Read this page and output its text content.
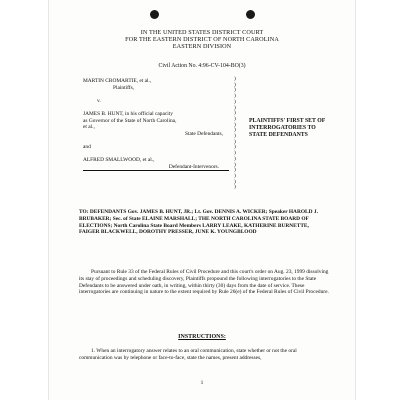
IN THE UNITED STATES DISTRICT COURT
FOR THE EASTERN DISTRICT OF NORTH CAROLINA
EASTERN DIVISION
Civil Action No. 4:96-CV-104-BO(3)
MARTIN CROMARTIE, et al.,
Plaintiffs,
v.
JAMES B. HUNT, in his official capacity
as Governor of the State of North Carolina,
et al.,
State Defendants,
and
ALFRED SMALLWOOD, et al.,
Defendant-Intervenors.
)
)
)
)
)
)
)
)
)
)
)
)
)
)
)
)
)
)
)
)
PLAINTIFFS' FIRST SET OF
INTERROGATORIES TO
STATE DEFENDANTS
TO: DEFENDANTS Gov. JAMES B. HUNT, JR.; Lt. Gov. DENNIS A. WICKER; Speaker HAROLD J. BRUBAKER; Sec. of State ELAINE MARSHALL; THE NORTH CAROLINA STATE BOARD OF ELECTIONS; North Carolina State Board Members LARRY LEAKE, KATHERINE BURNETTE, FAIGER BLACKWELL, DOROTHY PRESSER, JUNE K. YOUNGBLOOD
Pursuant to Rule 33 of the Federal Rules of Civil Procedure and this court's order on Aug. 23, 1999 dissolving its stay of proceedings and scheduling discovery, Plaintiffs propound the following interrogatories to the State Defendants to be answered under oath, in writing, within thirty (30) days from the date of service. These interrogatories are continuing in nature to the extent required by Rule 26(e) of the Federal Rules of Civil Procedure.
INSTRUCTIONS:
1. When an interrogatory answer relates to an oral communication, state whether or not the oral communication was by telephone or face-to-face, state the names, present addresses,
1
